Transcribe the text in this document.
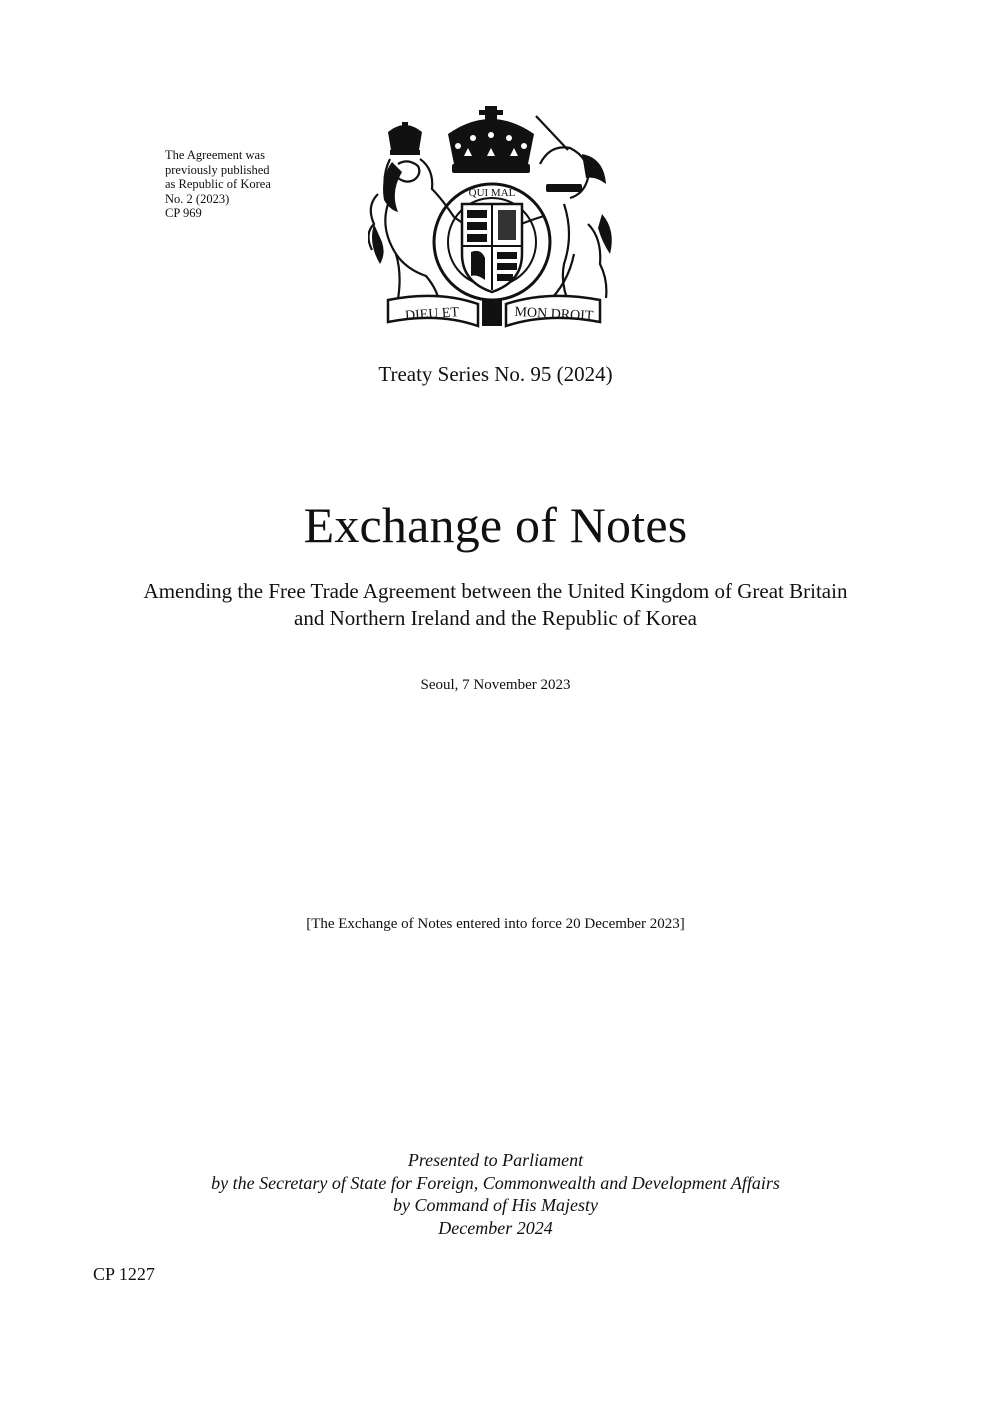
The Agreement was
previously published
as Republic of Korea
No. 2 (2023)
CP 969
DIEU ET	MON DROIT
QUI MAL
Treaty Series No. 95 (2024)
Exchange of Notes
Amending the Free Trade Agreement between the United Kingdom of Great Britain
and Northern Ireland and the Republic of Korea
Seoul, 7 November 2023
[The Exchange of Notes entered into force 20 December 2023]
Presented to Parliament
by the Secretary of State for Foreign, Commonwealth and Development Affairs
by Command of His Majesty
December 2024
CP 1227
